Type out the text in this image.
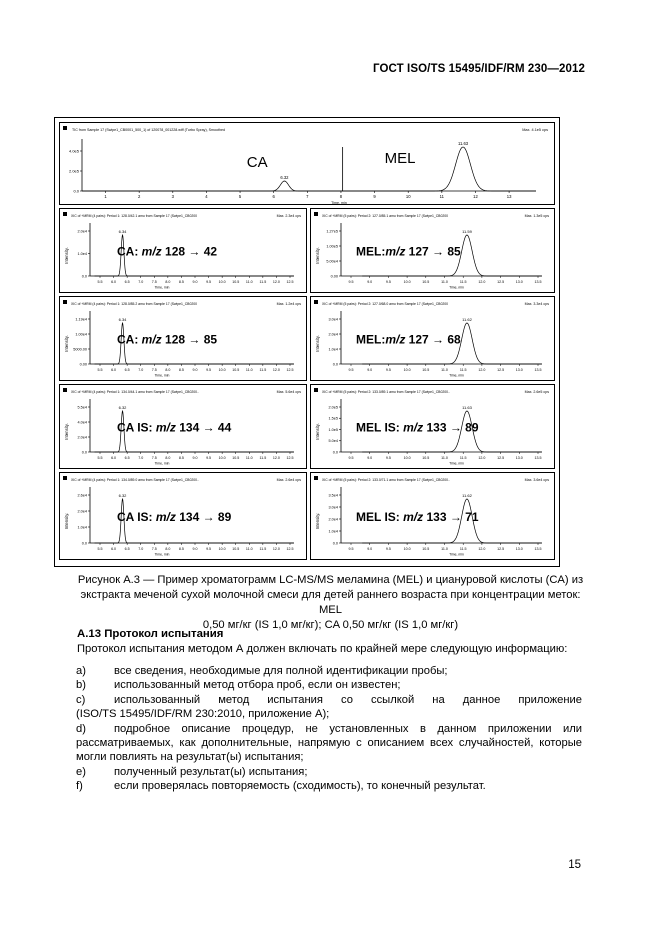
ГОСТ ISO/TS 15495/IDF/RM 230—2012
TIC from Sample 17 (Swipe1_CB0001_500_1) of 120078_001228.wiff (Turbo Spray), Smoothed	Max. 4.1e5 cps
4.0e5
2.0e5
0.0
1	2	3	4	5	6	7	8	9	10	11	12	13
Time, min
6.32
11.63
CA	MEL
XIC of +MRM (4 pairs): Period 1: 128.0/42.1 amu from Sample 17 (Swipe1_CB0200	Max. 2.3e4 cps
Intensity.
2.0e4
1.0e4
0.0
5.5 6.0 6.5 7.0 7.5 8.0 8.5 9.0 9.5 10.0 10.5 11.0 11.5 12.0 12.5
Time, min
6.34
CA: m/z 128 → 42
XIC of +MRM (5 pairs): Period 2: 127.0/85.1 amu from Sample 17 (Swipe1_CB0200	Max. 1.3e5 cps
Intensity.
1.27e5
1.00e5
5.00e4
0.00
9.5	9.0	9.5	10.0	10.5	11.0	11.5	12.0	12.5	13.0	13.5
Time, min
11.59
MEL:m/z 127 → 85
XIC of +MRM (4 pairs): Period 1: 128.0/85.2 amu from Sample 17 (Swipe1_CB0200	Max. 1.2e4 cps
Intensity.
1.19e4
1.00e4
5000.00
0.00
5.5 6.0 6.5 7.0 7.5 8.0 8.5 9.0 9.5 10.0 10.5 11.0 11.5 12.0 12.5
Time, min
6.34
CA: m/z 128 → 85
XIC of +MRM (5 pairs): Period 2: 127.0/68.0 amu from Sample 17 (Swipe1_CB0200	Max. 3.3e4 cps
Intensity.
3.0e4
2.0e4
1.0e4
0.0
9.5	9.0	9.5	10.0	10.5	11.0	11.5	12.0	12.5	13.0	13.5
Time, min
11.62
MEL:m/z 127 → 68
XIC of +MRM (4 pairs): Period 1: 134.0/44.1 amu from Sample 17 (Swipe1_CB0200..	Max. 5.6e4 cps
Intensity.
5.5e4
4.0e4
2.0e4
0.0
5.5 6.0 6.5 7.0 7.5 8.0 8.5 9.0 9.5 10.0 10.5 11.0 11.5 12.0 12.5
Time, min
6.32
CA IS: m/z 134 → 44
XIC of +MRM (5 pairs): Period 2: 133.0/89.1 amu from Sample 17 (Swipe1_CB0200..	Max. 2.6e5 cps
Intensity.
2.0e5
1.5e5
1.0e5
5.0e4
0.0
9.5	9.0	9.5	10.0	10.5	11.0	11.5	12.0	12.5	13.0	13.5
Time, min
11.63
MEL IS: m/z 133 → 89
XIC of +MRM (4 pairs): Period 1: 134.0/89.0 amu from Sample 17 (Swipe1_CB0200..	Max. 2.6e4 cps
Intensity.
2.6e4
2.0e4
1.0e4
0.0
5.5 6.0 6.5 7.0 7.5 8.0 8.5 9.0 9.5 10.0 10.5 11.0 11.5 12.0 12.5
Time, min
6.32
CA IS: m/z 134 → 89
XIC of +MRM (5 pairs): Period 2: 133.0/71.1 amu from Sample 17 (Swipe1_CB0200..	Max. 3.6e4 cps
Intensity.
3.5e4
3.0e4
2.0e4
1.0e4
0.0
9.5	9.0	9.5	10.0	10.5	11.0	11.5	12.0	12.5	13.0	13.5
Time, min
11.62
MEL IS: m/z 133 → 71
Рисунок А.3 — Пример хроматограмм LC-MS/MS меламина (MEL) и циануровой кислоты (CA) из
экстракта меченой сухой молочной смеси для детей раннего возраста при концентрации меток: MEL
0,50 мг/кг (IS 1,0 мг/кг); CA 0,50 мг/кг (IS 1,0 мг/кг)
А.13 Протокол испытания
Протокол испытания методом А должен включать по крайней мере следующую информацию:
a)	все сведения, необходимые для полной идентификации пробы;
b)	использованный метод отбора проб, если он известен;
c)	использованный метод испытания со ссылкой на данное приложение
(ISO/TS 15495/IDF/RM 230:2010, приложение А);
d)	подробное описание процедур, не установленных в данном приложении или
рассматриваемых, как дополнительные, напрямую с описанием всех случайностей, которые могли повлиять на результат(ы) испытания;
e)	полученный результат(ы) испытания;
f)	если проверялась повторяемость (сходимость), то конечный результат.
15
